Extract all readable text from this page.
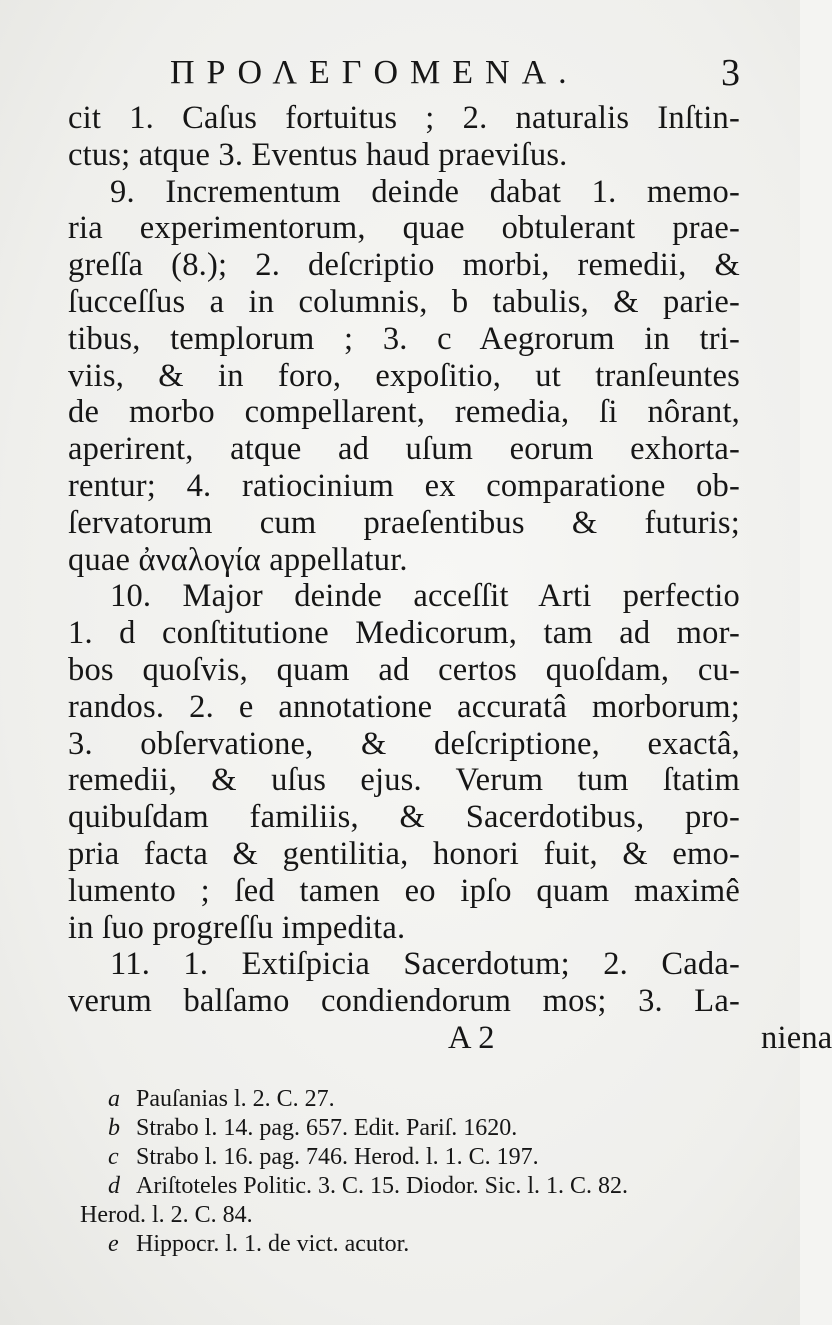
ΠΡΟΛΕΓΟΜΕΝΑ.	3
cit 1. Caſus fortuitus ; 2. naturalis Inſtin-
ctus; atque 3. Eventus haud praeviſus.
9. Incrementum deinde dabat 1. memo-
ria experimentorum, quae obtulerant prae-
greſſa (8.); 2. deſcriptio morbi, remedii, &
ſucceſſus a in columnis, b tabulis, & parie-
tibus, templorum ; 3. c Aegrorum in tri-
viis, & in foro, expoſitio, ut tranſeuntes
de morbo compellarent, remedia, ſi nôrant,
aperirent, atque ad uſum eorum exhorta-
rentur; 4. ratiocinium ex comparatione ob-
ſervatorum cum praeſentibus & futuris;
quae ἀναλογία appellatur.
10. Major deinde acceſſit Arti perfectio
1. d conſtitutione Medicorum, tam ad mor-
bos quoſvis, quam ad certos quoſdam, cu-
randos. 2. e annotatione accuratâ morborum;
3. obſervatione, & deſcriptione, exactâ,
remedii, & uſus ejus. Verum tum ſtatim
quibuſdam familiis, & Sacerdotibus, pro-
pria facta & gentilitia, honori fuit, & emo-
lumento ; ſed tamen eo ipſo quam maximê
in ſuo progreſſu impedita.
11. 1. Extiſpicia Sacerdotum; 2. Cada-
verum balſamo condiendorum mos; 3. La-
A 2                                niena
a Pauſanias l. 2. C. 27.
b Strabo l. 14. pag. 657. Edit. Pariſ. 1620.
c Strabo l. 16. pag. 746. Herod. l. 1. C. 197.
d Ariſtoteles Politic. 3. C. 15. Diodor. Sic. l. 1. C. 82.
Herod. l. 2. C. 84.
e Hippocr. l. 1. de vict. acutor.
